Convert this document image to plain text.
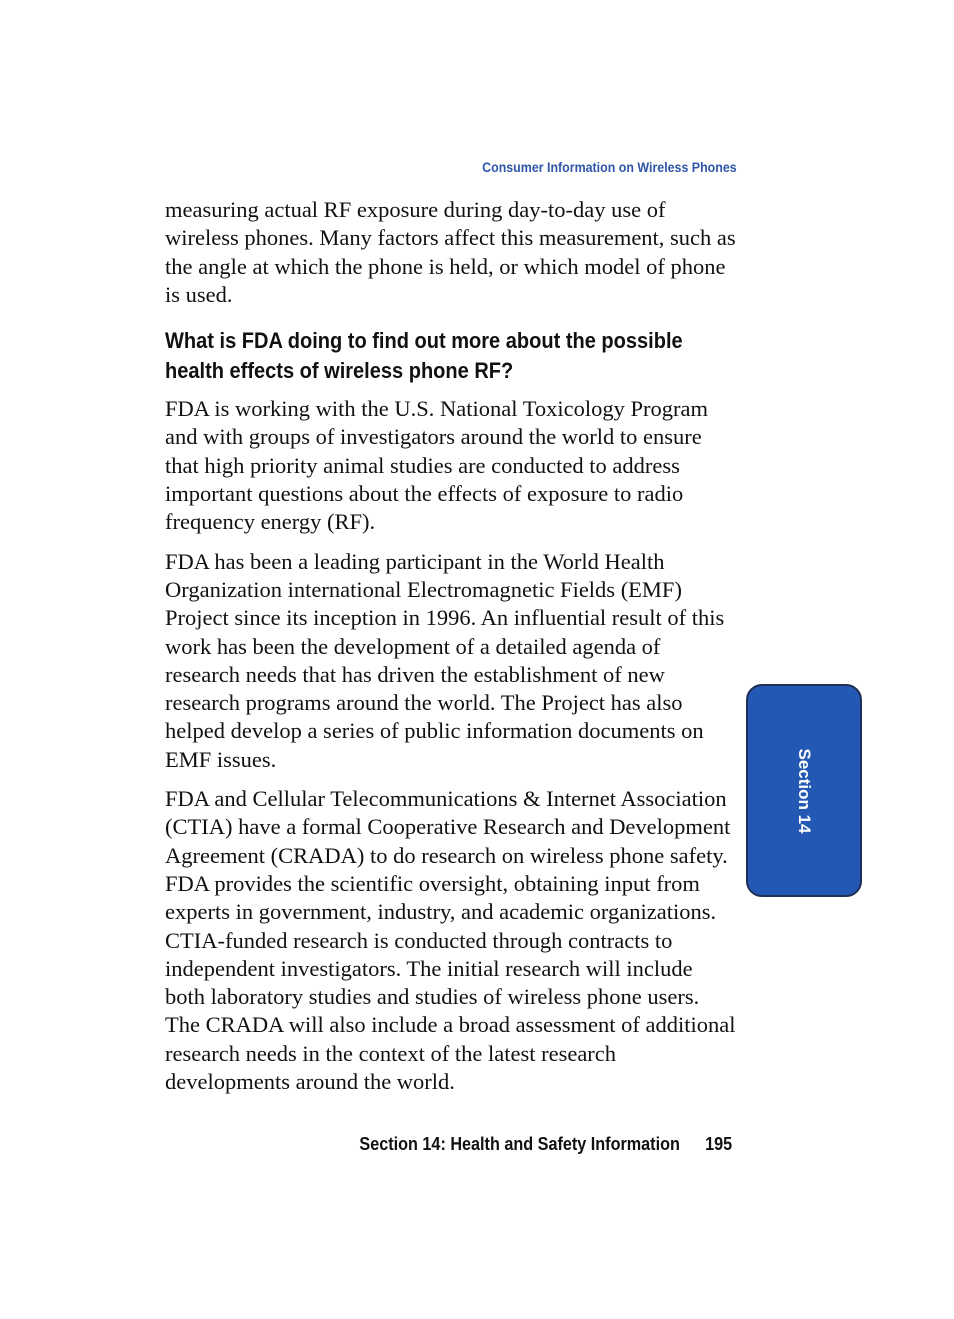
Consumer Information on Wireless Phones

measuring actual RF exposure during day-to-day use of wireless phones. Many factors affect this measurement, such as the angle at which the phone is held, or which model of phone is used.

What is FDA doing to find out more about the possible health effects of wireless phone RF?

FDA is working with the U.S. National Toxicology Program and with groups of investigators around the world to ensure that high priority animal studies are conducted to address important questions about the effects of exposure to radio frequency energy (RF).

FDA has been a leading participant in the World Health Organization international Electromagnetic Fields (EMF) Project since its inception in 1996. An influential result of this work has been the development of a detailed agenda of research needs that has driven the establishment of new research programs around the world. The Project has also helped develop a series of public information documents on EMF issues.

FDA and Cellular Telecommunications & Internet Association (CTIA) have a formal Cooperative Research and Development Agreement (CRADA) to do research on wireless phone safety. FDA provides the scientific oversight, obtaining input from experts in government, industry, and academic organizations. CTIA-funded research is conducted through contracts to independent investigators. The initial research will include both laboratory studies and studies of wireless phone users. The CRADA will also include a broad assessment of additional research needs in the context of the latest research developments around the world.

Section 14: Health and Safety Information 195
Section 14
